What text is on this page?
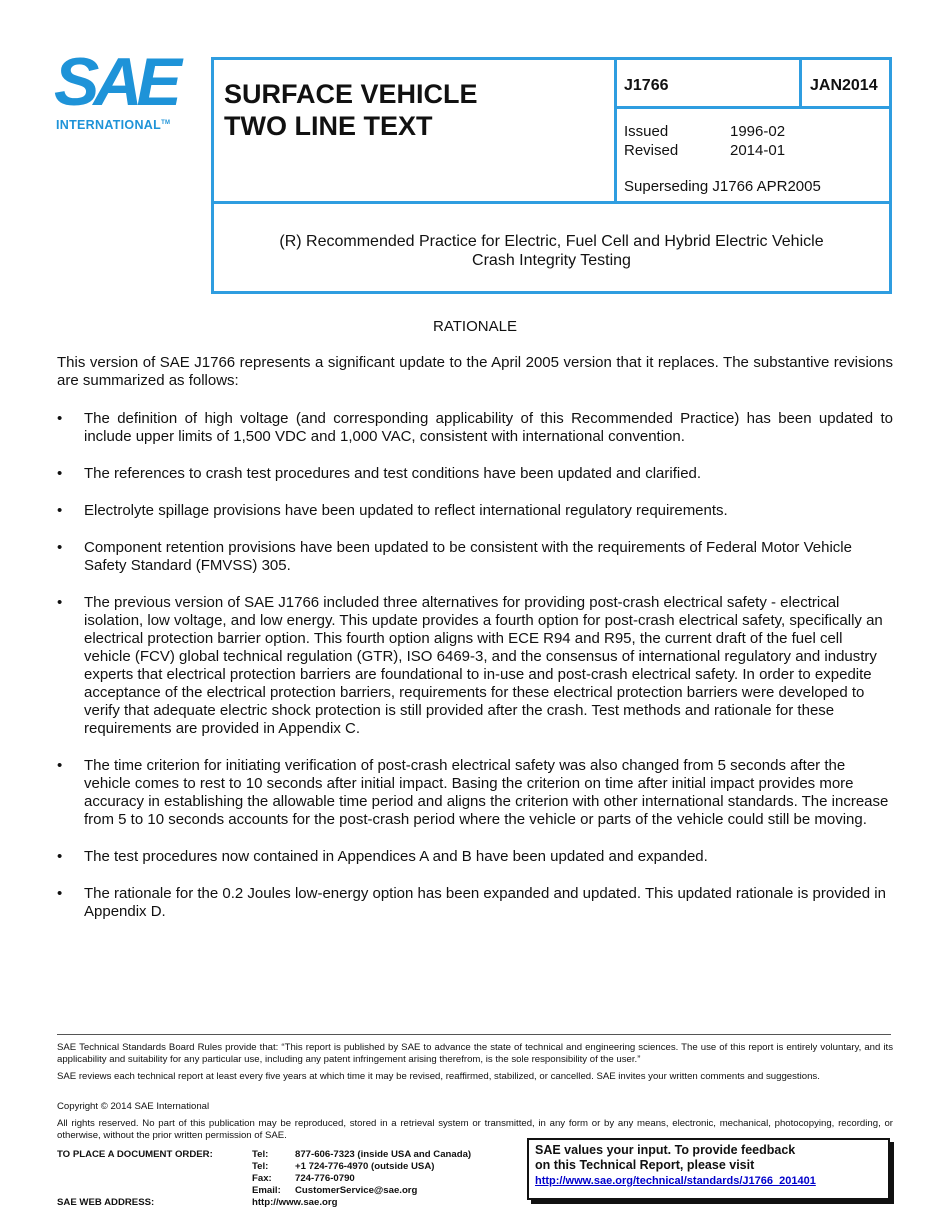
SAE
INTERNATIONAL™
SURFACE VEHICLE
TWO LINE TEXT
J1766	JAN2014
Issued	1996-02
Revised	2014-01
Superseding J1766 APR2005
(R) Recommended Practice for Electric, Fuel Cell and Hybrid Electric Vehicle
Crash Integrity Testing
RATIONALE
This version of SAE J1766 represents a significant update to the April 2005 version that it replaces. The substantive revisions are summarized as follows:
• The definition of high voltage (and corresponding applicability of this Recommended Practice) has been updated to include upper limits of 1,500 VDC and 1,000 VAC, consistent with international convention.
• The references to crash test procedures and test conditions have been updated and clarified.
• Electrolyte spillage provisions have been updated to reflect international regulatory requirements.
• Component retention provisions have been updated to be consistent with the requirements of Federal Motor Vehicle Safety Standard (FMVSS) 305.
• The previous version of SAE J1766 included three alternatives for providing post-crash electrical safety - electrical isolation, low voltage, and low energy. This update provides a fourth option for post-crash electrical safety, specifically an electrical protection barrier option. This fourth option aligns with ECE R94 and R95, the current draft of the fuel cell vehicle (FCV) global technical regulation (GTR), ISO 6469-3, and the consensus of international regulatory and industry experts that electrical protection barriers are foundational to in-use and post-crash electrical safety. In order to expedite acceptance of the electrical protection barriers, requirements for these electrical protection barriers were developed to verify that adequate electric shock protection is still provided after the crash. Test methods and rationale for these requirements are provided in Appendix C.
• The time criterion for initiating verification of post-crash electrical safety was also changed from 5 seconds after the vehicle comes to rest to 10 seconds after initial impact. Basing the criterion on time after initial impact provides more accuracy in establishing the allowable time period and aligns the criterion with other international standards. The increase from 5 to 10 seconds accounts for the post-crash period where the vehicle or parts of the vehicle could still be moving.
• The test procedures now contained in Appendices A and B have been updated and expanded.
• The rationale for the 0.2 Joules low-energy option has been expanded and updated. This updated rationale is provided in Appendix D.
SAE Technical Standards Board Rules provide that: “This report is published by SAE to advance the state of technical and engineering sciences. The use of this report is entirely voluntary, and its applicability and suitability for any particular use, including any patent infringement arising therefrom, is the sole responsibility of the user.”
SAE reviews each technical report at least every five years at which time it may be revised, reaffirmed, stabilized, or cancelled. SAE invites your written comments and suggestions.
Copyright © 2014 SAE International
All rights reserved. No part of this publication may be reproduced, stored in a retrieval system or transmitted, in any form or by any means, electronic, mechanical, photocopying, recording, or otherwise, without the prior written permission of SAE.
TO PLACE A DOCUMENT ORDER:	Tel:	877-606-7323 (inside USA and Canada)
Tel:	+1 724-776-4970 (outside USA)
Fax: 724-776-0790
Email: CustomerService@sae.org
SAE WEB ADDRESS:	http://www.sae.org
SAE values your input. To provide feedback
on this Technical Report, please visit
http://www.sae.org/technical/standards/J1766_201401
